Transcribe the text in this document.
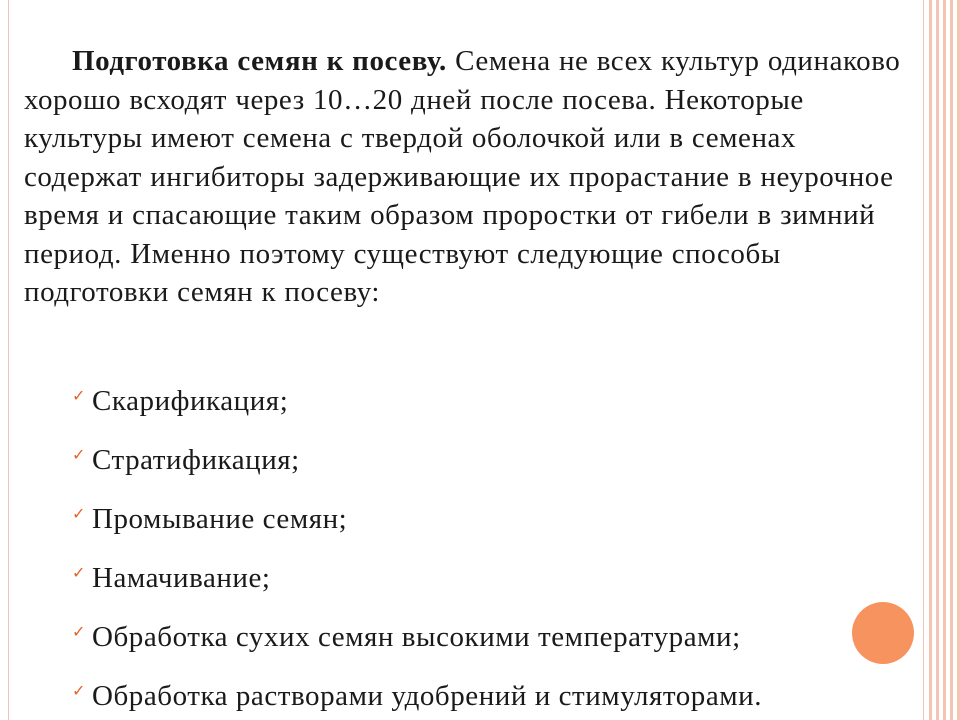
Подготовка семян к посеву. Семена не всех культур одинаково хорошо всходят через 10…20 дней после посева. Некоторые культуры имеют семена с твердой оболочкой или в семенах содержат ингибиторы задерживающие их прорастание в неурочное время и спасающие таким образом проростки от гибели в зимний период. Именно поэтому существуют следующие способы подготовки семян к посеву:

✓ Скарификация;
✓ Стратификация;
✓ Промывание семян;
✓ Намачивание;
✓ Обработка сухих семян высокими температурами;
✓ Обработка растворами удобрений и стимуляторами.
